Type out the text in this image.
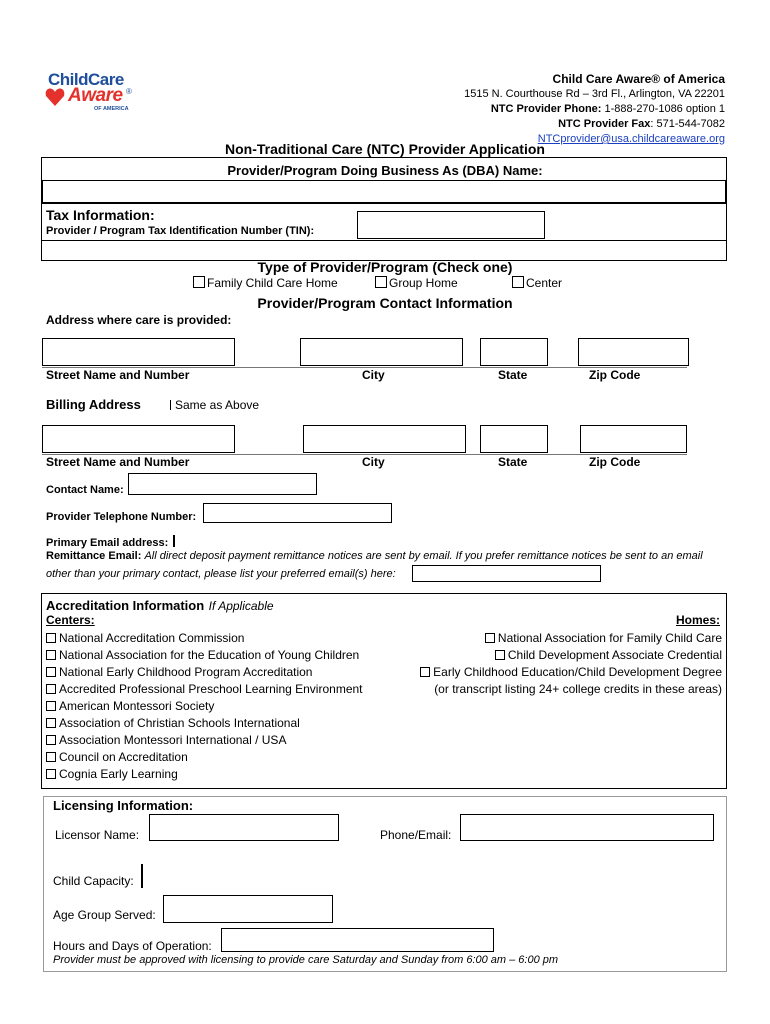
ChildCare
Aware ®
OF AMERICA
Child Care Aware® of America
1515 N. Courthouse Rd – 3rd Fl., Arlington, VA 22201
NTC Provider Phone: 1-888-270-1086 option 1
NTC Provider Fax: 571-544-7082
NTCprovider@usa.childcareaware.org
Non-Traditional Care (NTC) Provider Application
Provider/Program Doing Business As (DBA) Name:
Tax Information:
Provider / Program Tax Identification Number (TIN):
Type of Provider/Program (Check one)
Family Child Care Home	Group Home	Center
Provider/Program Contact Information
Address where care is provided:
Street Name and Number	City	State	Zip Code
Billing Address	Same as Above
Street Name and Number	City	State	Zip Code
Contact Name:
Provider Telephone Number:
Primary Email address:
Remittance Email: All direct deposit payment remittance notices are sent by email. If you prefer remittance notices be sent to an email
other than your primary contact, please list your preferred email(s) here:
Accreditation Information If Applicable
Centers:	Homes:
National Accreditation Commission
National Association for the Education of Young Children
National Early Childhood Program Accreditation
Accredited Professional Preschool Learning Environment
American Montessori Society
Association of Christian Schools International
Association Montessori International / USA
Council on Accreditation
Cognia Early Learning
National Association for Family Child Care
Child Development Associate Credential
Early Childhood Education/Child Development Degree
(or transcript listing 24+ college credits in these areas)
Licensing Information:
Licensor Name:	Phone/Email:
Child Capacity:
Age Group Served:
Hours and Days of Operation:
Provider must be approved with licensing to provide care Saturday and Sunday from 6:00 am – 6:00 pm
